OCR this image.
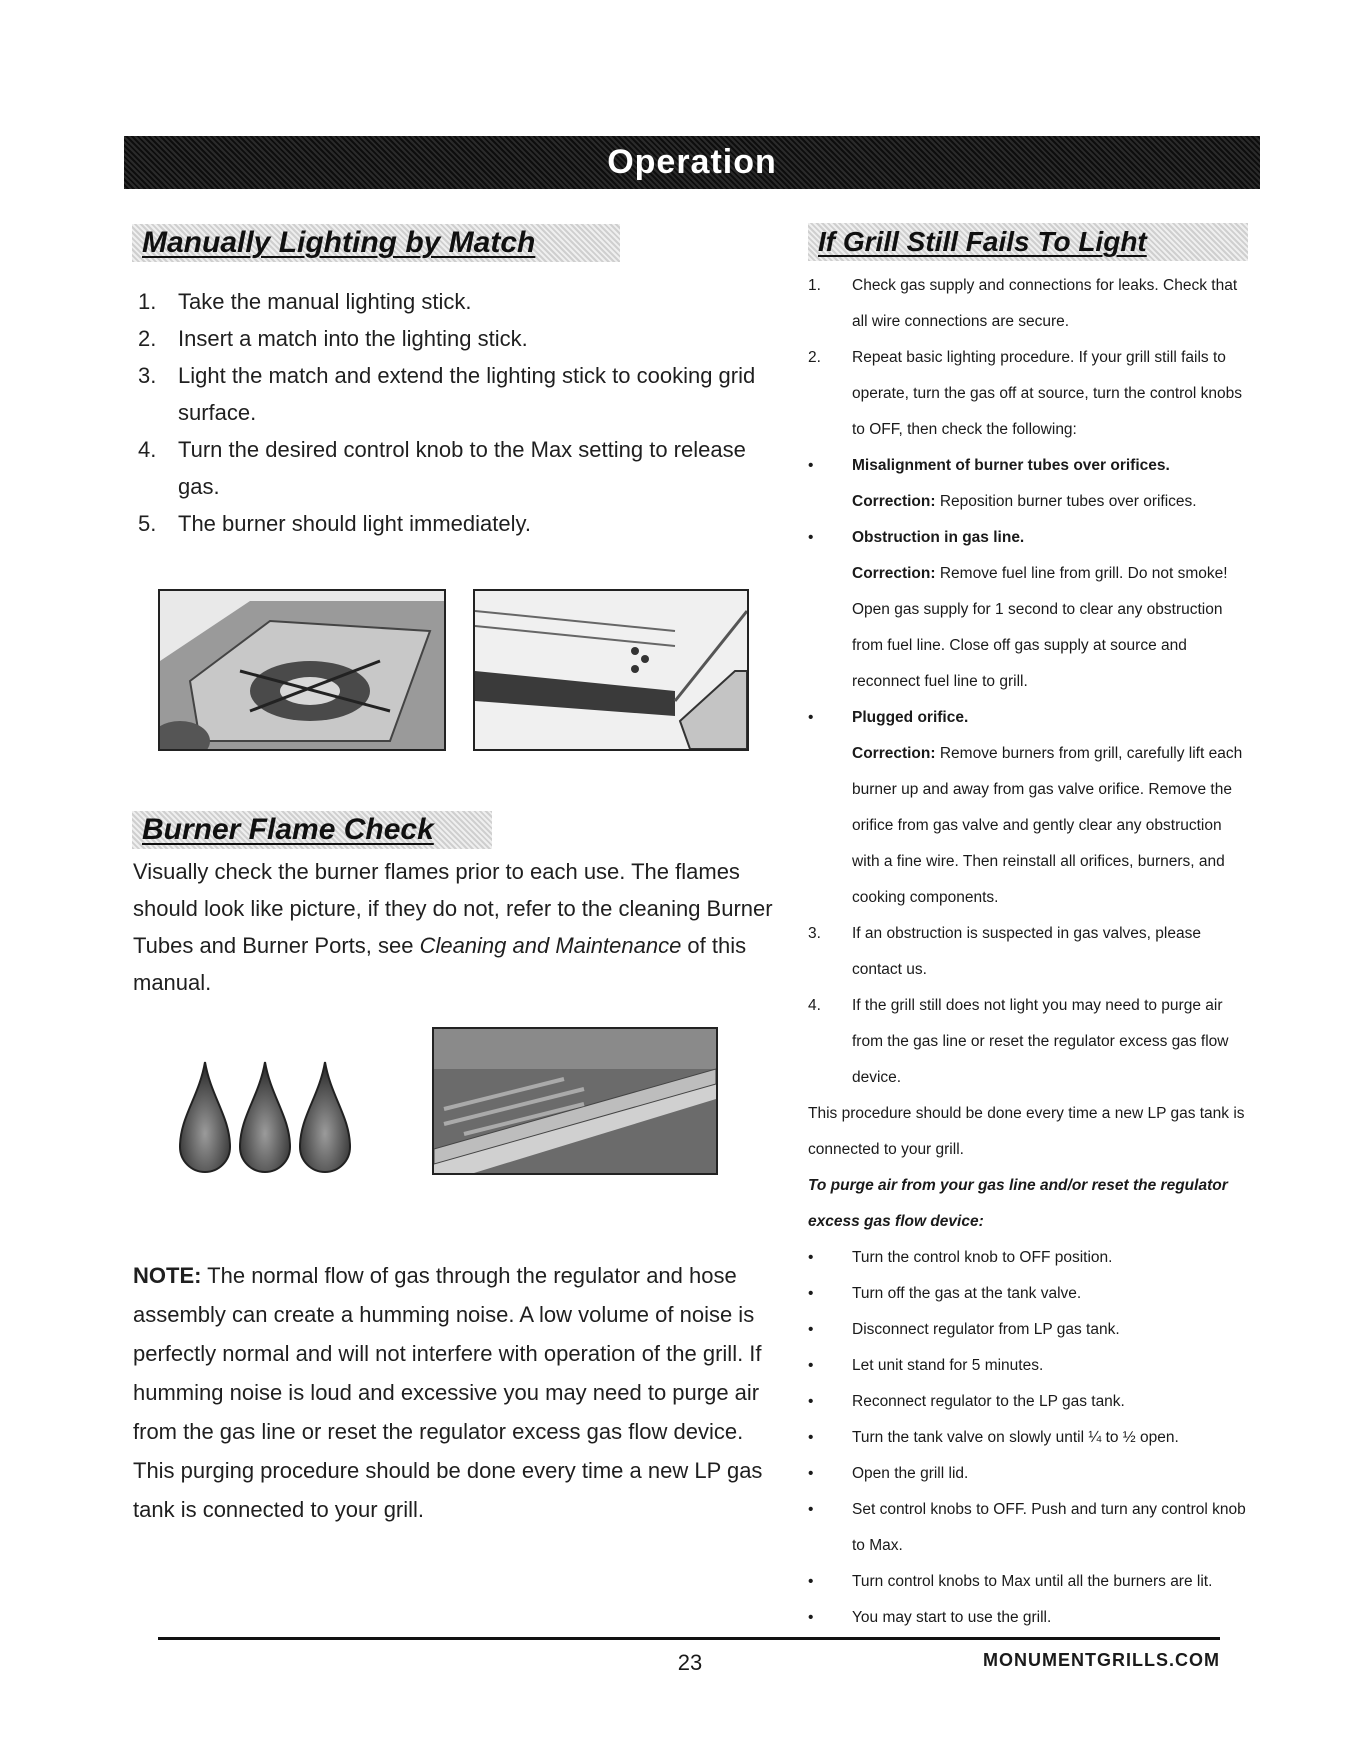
Operation
Manually Lighting by Match
1. Take the manual lighting stick.
2. Insert a match into the lighting stick.
3. Light the match and extend the lighting stick to cooking grid surface.
4. Turn the desired control knob to the Max setting to release gas.
5. The burner should light immediately.
Burner Flame Check

Visually check the burner flames prior to each use. The flames should look like picture, if they do not, refer to the cleaning Burner Tubes and Burner Ports, see Cleaning and Maintenance of this manual.

NOTE: The normal flow of gas through the regulator and hose assembly can create a humming noise. A low volume of noise is perfectly normal and will not interfere with operation of the grill. If humming noise is loud and excessive you may need to purge air from the gas line or reset the regulator excess gas flow device. This purging procedure should be done every time a new LP gas tank is connected to your grill.

If Grill Still Fails To Light
1.	Check gas supply and connections for leaks. Check that all wire connections are secure.
2.	Repeat basic lighting procedure. If your grill still fails to operate, turn the gas off at source, turn the control knobs to OFF, then check the following:
•	Misalignment of burner tubes over orifices.
Correction: Reposition burner tubes over orifices.
•	Obstruction in gas line.
Correction: Remove fuel line from grill. Do not smoke! Open gas supply for 1 second to clear any obstruction from fuel line. Close off gas supply at source and reconnect fuel line to grill.
•	Plugged orifice.
Correction: Remove burners from grill, carefully lift each burner up and away from gas valve orifice. Remove the orifice from gas valve and gently clear any obstruction with a fine wire. Then reinstall all orifices, burners, and cooking components.
3.	If an obstruction is suspected in gas valves, please contact us.
4.	If the grill still does not light you may need to purge air from the gas line or reset the regulator excess gas flow device.
This procedure should be done every time a new LP gas tank is connected to your grill.
To purge air from your gas line and/or reset the regulator excess gas flow device:
•	Turn the control knob to OFF position.
•	Turn off the gas at the tank valve.
•	Disconnect regulator from LP gas tank.
•	Let unit stand for 5 minutes.
•	Reconnect regulator to the LP gas tank.
•	Turn the tank valve on slowly until ¼ to ½ open.
•	Open the grill lid.
•	Set control knobs to OFF. Push and turn any control knob to Max.
•	Turn control knobs to Max until all the burners are lit.
•	You may start to use the grill.
23	MONUMENTGRILLS.COM
